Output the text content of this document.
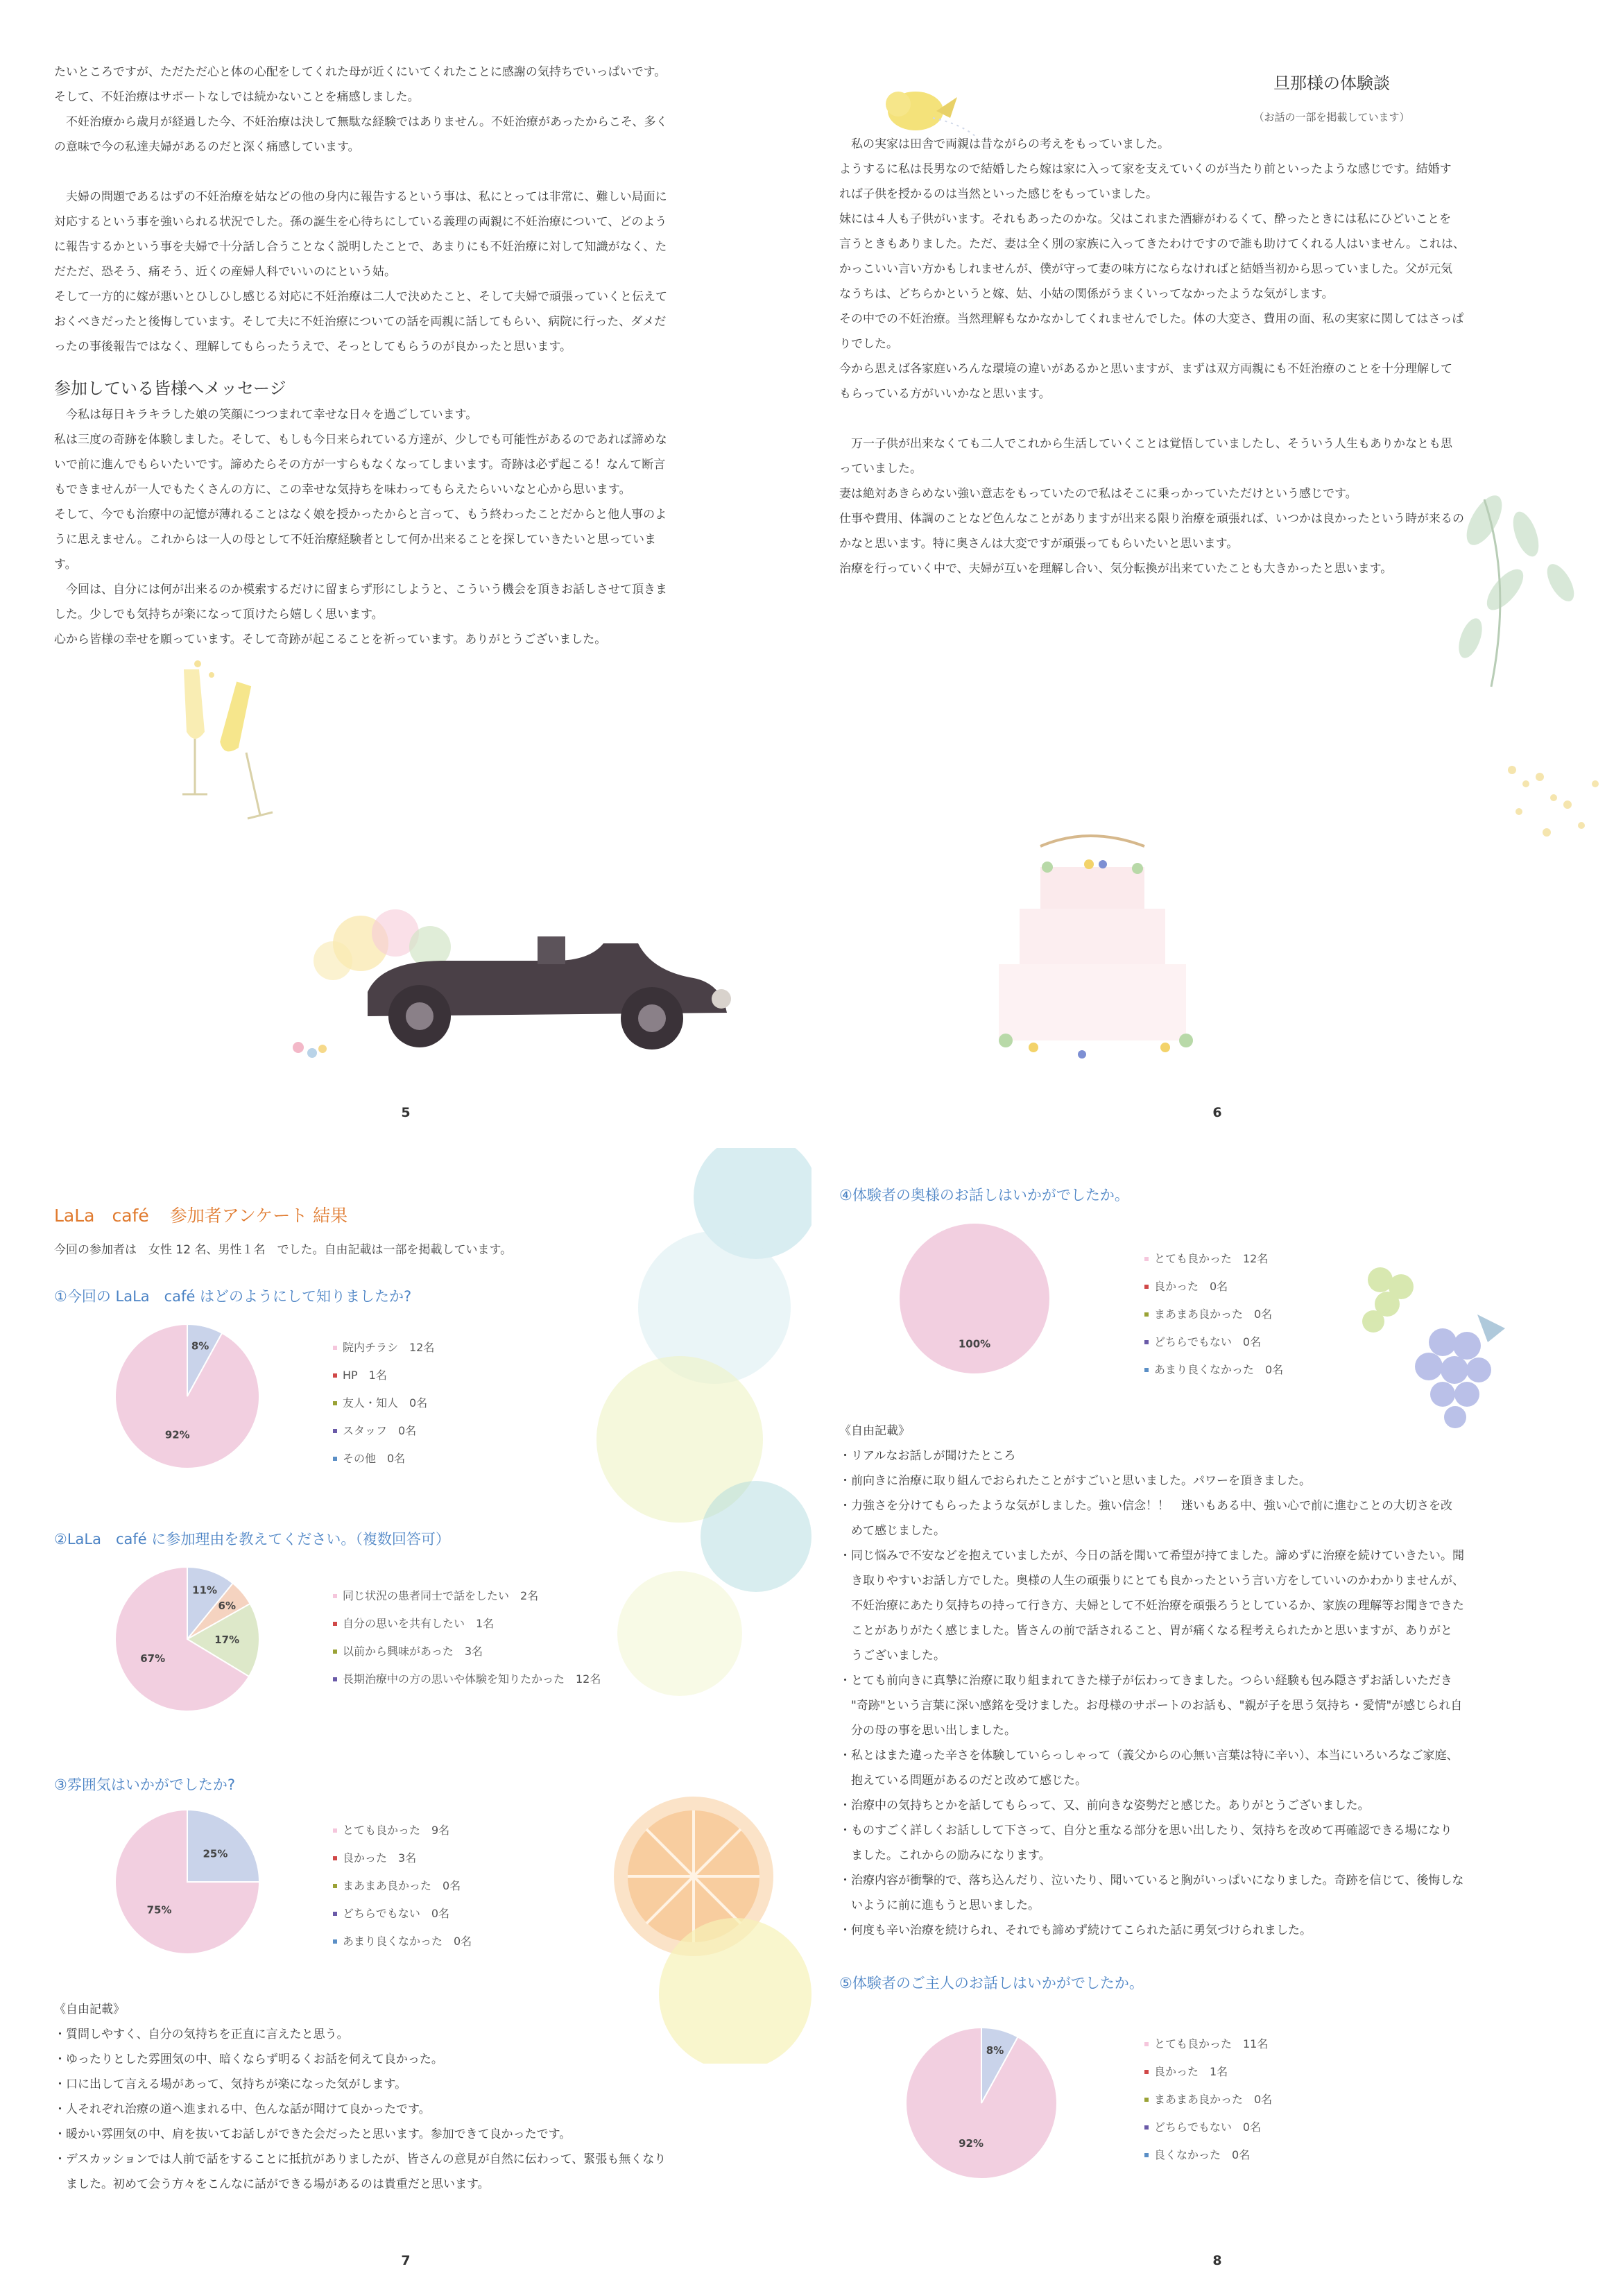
たいところですが、ただただ心と体の心配をしてくれた母が近くにいてくれたことに感謝の気持ちでいっぱいです。

そして、不妊治療はサポートなしでは続かないことを痛感しました。

　不妊治療から歳月が経過した今、不妊治療は決して無駄な経験ではありません。不妊治療があったからこそ、多く

の意味で今の私達夫婦があるのだと深く痛感しています。

　夫婦の問題であるはずの不妊治療を姑などの他の身内に報告するという事は、私にとっては非常に、難しい局面に

対応するという事を強いられる状況でした。孫の誕生を心待ちにしている義理の両親に不妊治療について、どのよう

に報告するかという事を夫婦で十分話し合うことなく説明したことで、あまりにも不妊治療に対して知識がなく、た

だただ、恐そう、痛そう、近くの産婦人科でいいのにという姑。

そして一方的に嫁が悪いとひしひし感じる対応に不妊治療は二人で決めたこと、そして夫婦で頑張っていくと伝えて

おくべきだったと後悔しています。そして夫に不妊治療についての話を両親に話してもらい、病院に行った、ダメだ

ったの事後報告ではなく、理解してもらったうえで、そっとしてもらうのが良かったと思います。

参加している皆様へメッセージ

　今私は毎日キラキラした娘の笑顔につつまれて幸せな日々を過ごしています。

私は三度の奇跡を体験しました。そして、もしも今日来られている方達が、少しでも可能性があるのであれば諦めな

いで前に進んでもらいたいです。諦めたらその方が一すらもなくなってしまいます。奇跡は必ず起こる！なんて断言

もできませんが一人でもたくさんの方に、この幸せな気持ちを味わってもらえたらいいなと心から思います。

そして、今でも治療中の記憶が薄れることはなく娘を授かったからと言って、もう終わったことだからと他人事のよ

うに思えません。これからは一人の母として不妊治療経験者として何か出来ることを探していきたいと思っていま

す。

　今回は、自分には何が出来るのか模索するだけに留まらず形にしようと、こういう機会を頂きお話しさせて頂きま

した。少しでも気持ちが楽になって頂けたら嬉しく思います。

心から皆様の幸せを願っています。そして奇跡が起こることを祈っています。ありがとうございました。

5
旦那様の体験談
（お話の一部を掲載しています）

　私の実家は田舎で両親は昔ながらの考えをもっていました。

ようするに私は長男なので結婚したら嫁は家に入って家を支えていくのが当たり前といったような感じです。結婚す

れば子供を授かるのは当然といった感じをもっていました。

妹には４人も子供がいます。それもあったのかな。父はこれまた酒癖がわるくて、酔ったときには私にひどいことを

言うときもありました。ただ、妻は全く別の家族に入ってきたわけですので誰も助けてくれる人はいません。これは、

かっこいい言い方かもしれませんが、僕が守って妻の味方にならなければと結婚当初から思っていました。父が元気

なうちは、どちらかというと嫁、姑、小姑の関係がうまくいってなかったような気がします。

その中での不妊治療。当然理解もなかなかしてくれませんでした。体の大変さ、費用の面、私の実家に関してはさっぱ

りでした。

今から思えば各家庭いろんな環境の違いがあるかと思いますが、まずは双方両親にも不妊治療のことを十分理解して

もらっている方がいいかなと思います。

　万一子供が出来なくても二人でこれから生活していくことは覚悟していましたし、そういう人生もありかなとも思

っていました。

妻は絶対あきらめない強い意志をもっていたので私はそこに乗っかっていただけという感じです。

仕事や費用、体調のことなど色んなことがありますが出来る限り治療を頑張れば、いつかは良かったという時が来るの

かなと思います。特に奥さんは大変ですが頑張ってもらいたいと思います。

治療を行っていく中で、夫婦が互いを理解し合い、気分転換が出来ていたことも大きかったと思います。

6
LaLa　café 参加者アンケート 結果
今回の参加者は　女性 12 名、男性１名　でした。自由記載は一部を掲載しています。
①今回の LaLa　café はどのようにして知りましたか?
8%
92%
院内チラシ　12名
HP　1名
友人・知人　0名
スタッフ　0名
その他　0名
②LaLa　café に参加理由を教えてください。（複数回答可）
11%
6%
17%
67%
同じ状況の患者同士で話をしたい　2名
自分の思いを共有したい　1名
以前から興味があった　3名
長期治療中の方の思いや体験を知りたかった　12名
③雰囲気はいかがでしたか?
25%
75%
とても良かった　9名
良かった　3名
まあまあ良かった　0名
どちらでもない　0名
あまり良くなかった　0名

《自由記載》

・質問しやすく、自分の気持ちを正直に言えたと思う。

・ゆったりとした雰囲気の中、暗くならず明るくお話を伺えて良かった。

・口に出して言える場があって、気持ちが楽になった気がします。

・人それぞれ治療の道へ進まれる中、色んな話が聞けて良かったです。

・暖かい雰囲気の中、肩を抜いてお話しができた会だったと思います。参加できて良かったです。

・デスカッションでは人前で話をすることに抵抗がありましたが、皆さんの意見が自然に伝わって、緊張も無くなり

　ました。初めて会う方々をこんなに話ができる場があるのは貴重だと思います。

7
④体験者の奥様のお話しはいかがでしたか。
100%
とても良かった　12名
良かった　0名
まあまあ良かった　0名
どちらでもない　0名
あまり良くなかった　0名

《自由記載》

・リアルなお話しが聞けたところ

・前向きに治療に取り組んでおられたことがすごいと思いました。パワーを頂きました。

・力強さを分けてもらったような気がしました。強い信念！！　迷いもある中、強い心で前に進むことの大切さを改

　めて感じました。

・同じ悩みで不安などを抱えていましたが、今日の話を聞いて希望が持てました。諦めずに治療を続けていきたい。聞

　き取りやすいお話し方でした。奥様の人生の頑張りにとても良かったという言い方をしていいのかわかりませんが、

　不妊治療にあたり気持ちの持って行き方、夫婦として不妊治療を頑張ろうとしているか、家族の理解等お聞きできた

　ことがありがたく感じました。皆さんの前で話されること、胃が痛くなる程考えられたかと思いますが、ありがと

　うございました。

・とても前向きに真摯に治療に取り組まれてきた様子が伝わってきました。つらい経験も包み隠さずお話しいただき

　"奇跡"という言葉に深い感銘を受けました。お母様のサポートのお話も、"親が子を思う気持ち・愛情"が感じられ自

　分の母の事を思い出しました。

・私とはまた違った辛さを体験していらっしゃって（義父からの心無い言葉は特に辛い）、本当にいろいろなご家庭、

　抱えている問題があるのだと改めて感じた。

・治療中の気持ちとかを話してもらって、又、前向きな姿勢だと感じた。ありがとうございました。

・ものすごく詳しくお話しして下さって、自分と重なる部分を思い出したり、気持ちを改めて再確認できる場になり

　ました。これからの励みになります。

・治療内容が衝撃的で、落ち込んだり、泣いたり、聞いていると胸がいっぱいになりました。奇跡を信じて、後悔しな

　いように前に進もうと思いました。

・何度も辛い治療を続けられ、それでも諦めず続けてこられた話に勇気づけられました。

⑤体験者のご主人のお話しはいかがでしたか。
8%
92%
とても良かった　11名
良かった　1名
まあまあ良かった　0名
どちらでもない　0名
良くなかった　0名
8
